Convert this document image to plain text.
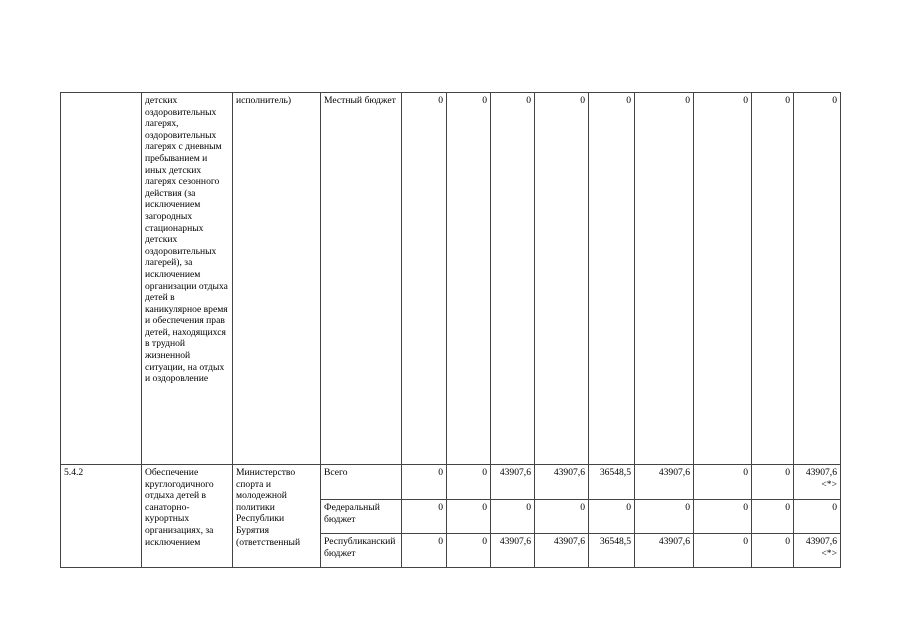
	детских оздоровительных лагерях, оздоровительных лагерях с дневным пребыванием и иных детских лагерях сезонного действия (за исключением загородных стационарных детских оздоровительных лагерей), за исключением организации отдыха детей в каникулярное время и обеспечения прав детей, находящихся в трудной жизненной ситуации, на отдых и оздоровление	исполнитель)	Местный бюджет	0	0	0	0	0	0	0	0	0
5.4.2	Обеспечение круглогодичного отдыха детей в санаторно-курортных организациях, за исключением	Министерство спорта и молодежной политики Республики Бурятия (ответственный	Всего	0	0	43907,6	43907,6	36548,5	43907,6	0	0	43907,6
<*>

			Федеральный бюджет	0	0	0	0	0	0	0	0	0
			Республиканский бюджет	0	0	43907,6	43907,6	36548,5	43907,6	0	0	43907,6
<*>
